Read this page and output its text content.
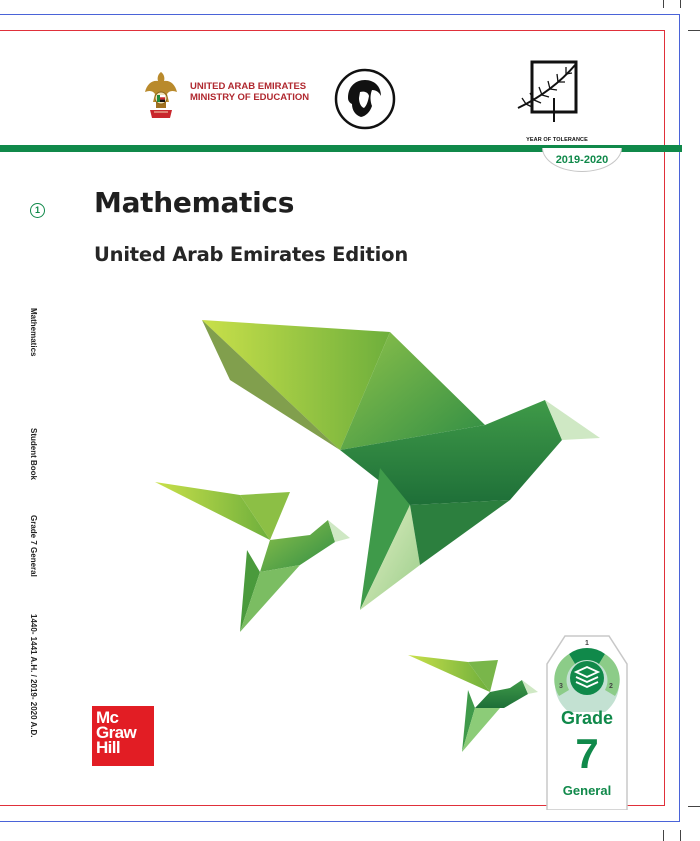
UNITED ARAB EMIRATES
MINISTRY OF EDUCATION
YEAR OF TOLERANCE
2019-2020
1 Mathematics
United Arab Emirates Edition
Mathematics
Student Book
Grade 7 General
1440- 1441 A.H. / 2019- 2020 A.D.	Mc
Graw
Hill
1
2
3
Grade
7
General
